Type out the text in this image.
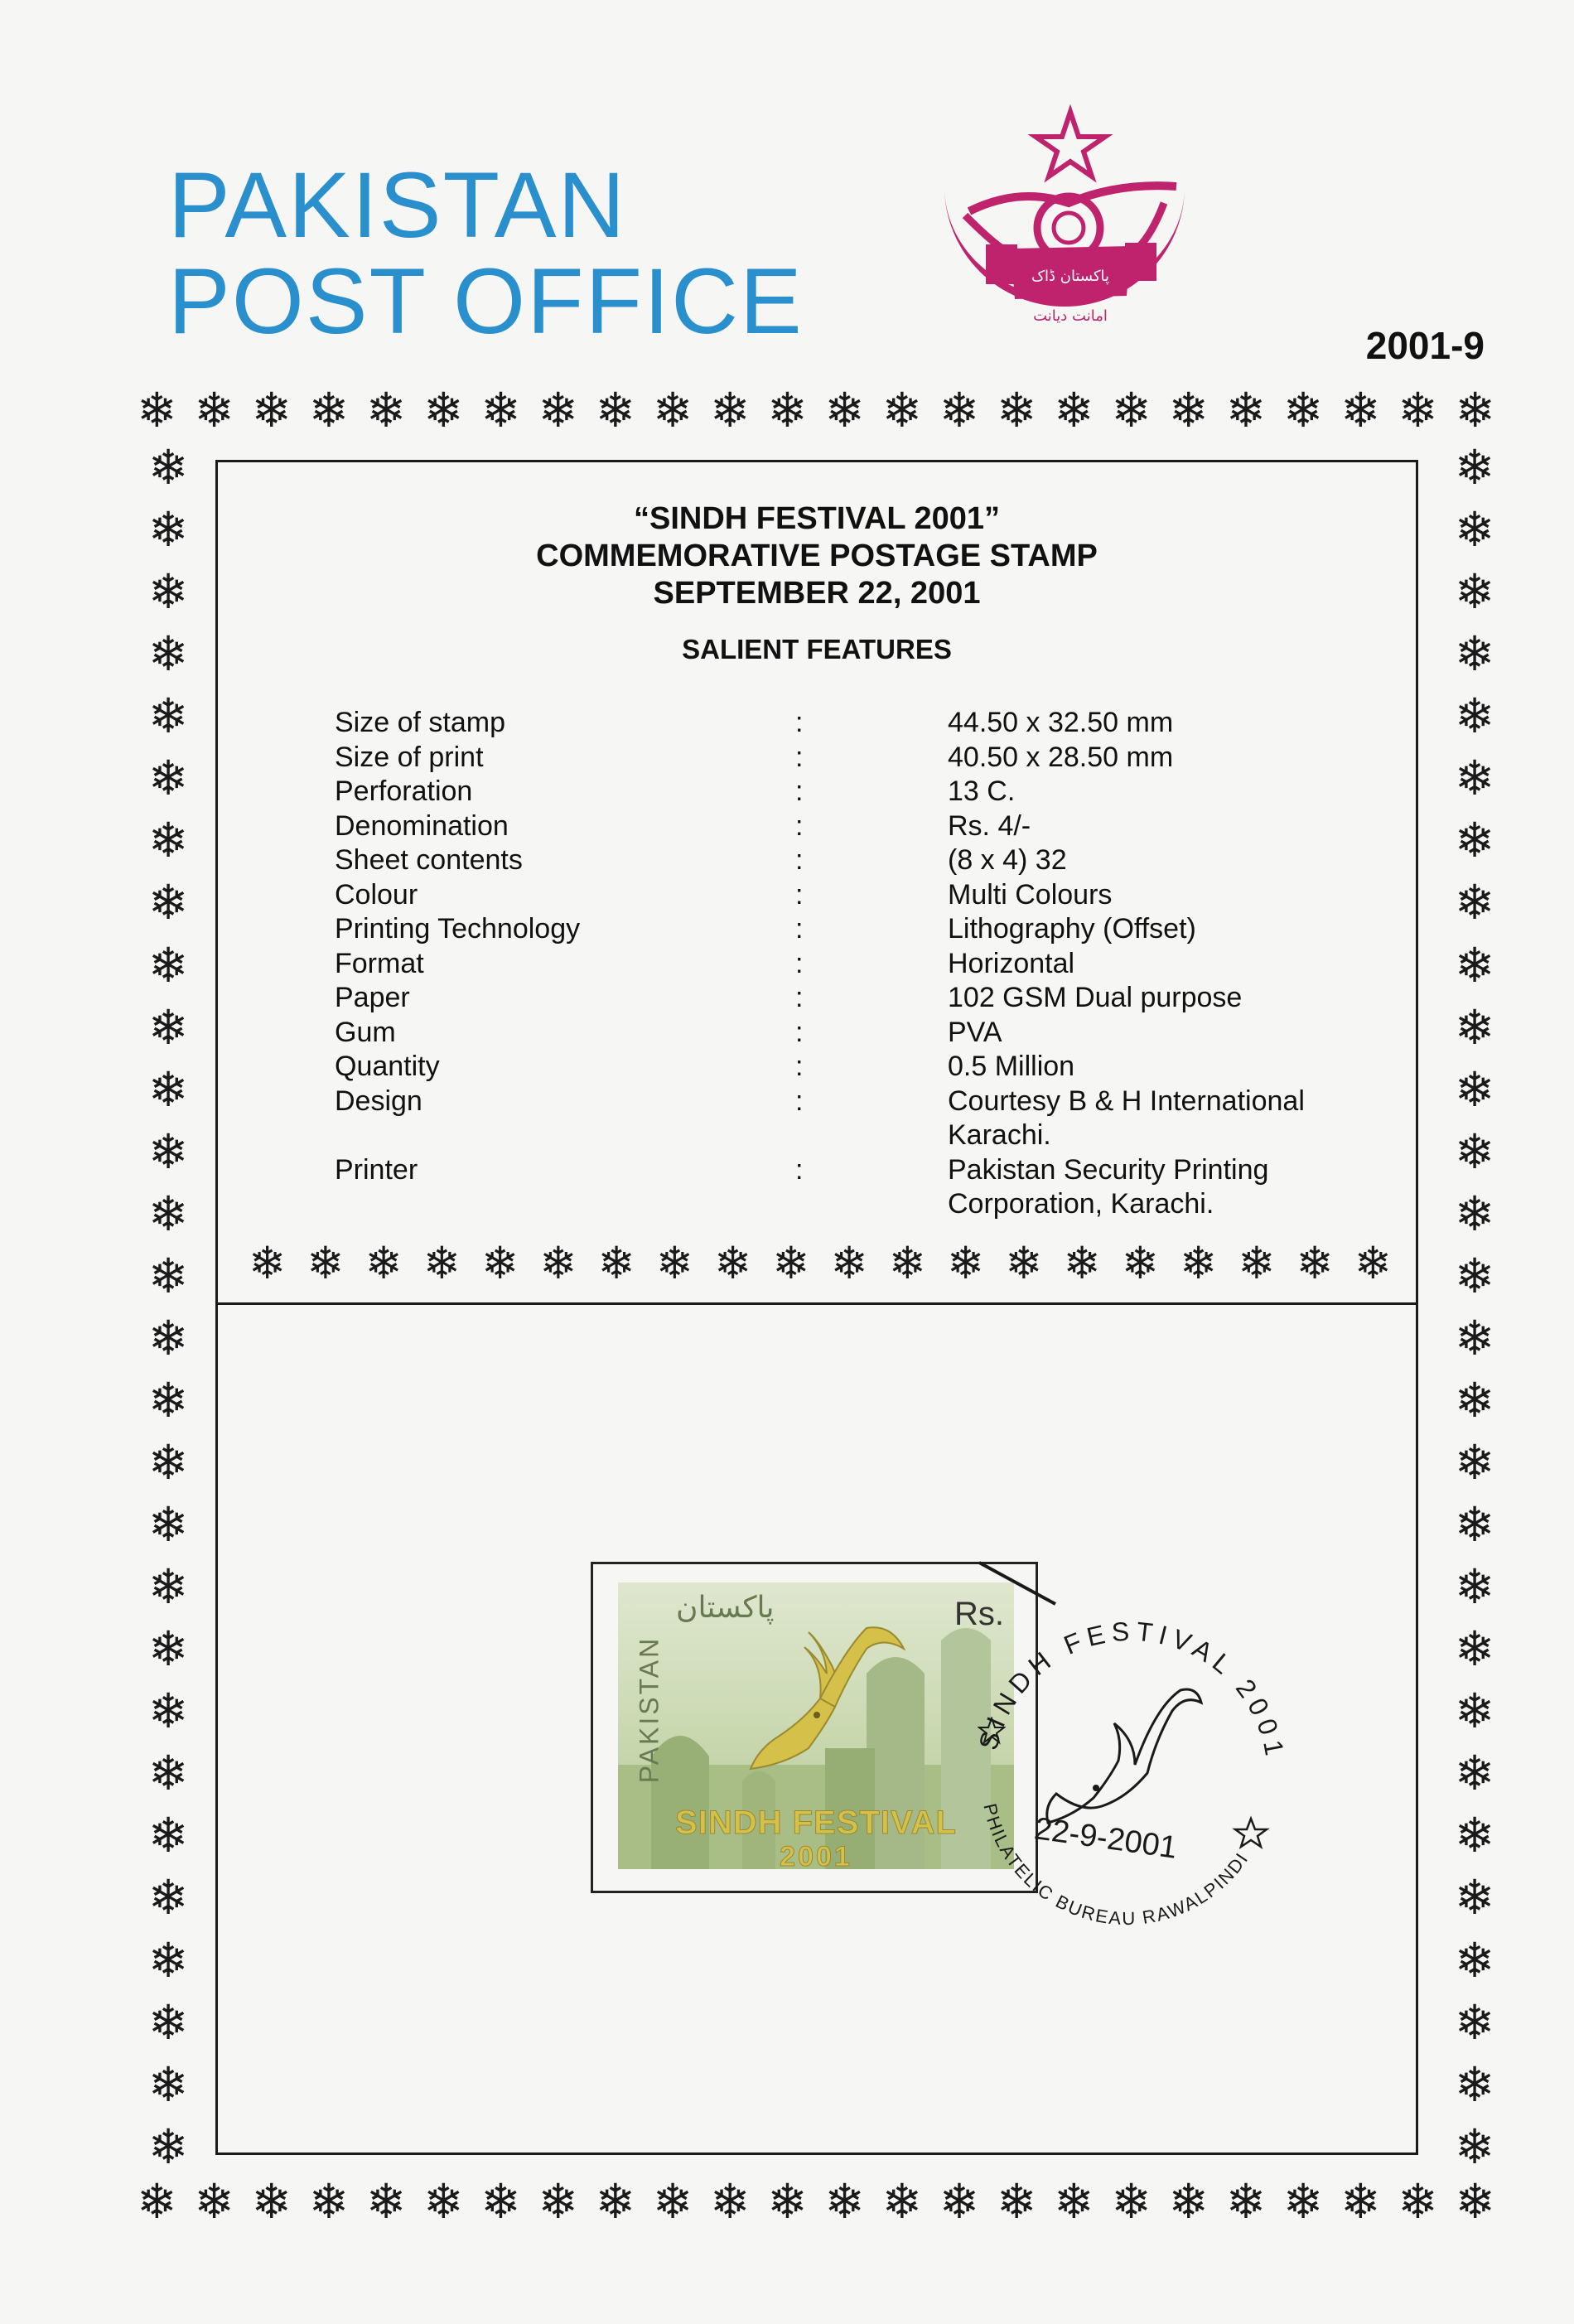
PAKISTAN
POST OFFICE	پاکستان ڈاک
امانت دیانت
2001-9
❄ ❄ ❄ ❄ ❄ ❄ ❄ ❄ ❄ ❄ ❄ ❄ ❄ ❄ ❄ ❄ ❄ ❄ ❄ ❄ ❄ ❄ ❄ ❄
❄ ❄ ❄ ❄ ❄ ❄ ❄ ❄ ❄ ❄ ❄ ❄ ❄ ❄ ❄ ❄ ❄ ❄ ❄ ❄ ❄ ❄ ❄ ❄
❄
❄
❄
❄
❄
❄
❄
❄
❄
❄
❄
❄
❄
❄
❄
❄
❄
❄
❄
❄
❄
❄
❄
❄
❄
❄
❄
❄
❄
❄
❄
❄
❄
❄
❄
❄
❄
❄
❄
❄
❄
❄
❄
❄
❄
❄
❄
❄
❄
❄
❄
❄
❄
❄
❄
❄
❄ ❄ ❄ ❄ ❄ ❄ ❄ ❄ ❄ ❄ ❄ ❄ ❄ ❄ ❄ ❄ ❄ ❄ ❄ ❄
“SINDH FESTIVAL 2001”
COMMEMORATIVE POSTAGE STAMP
SEPTEMBER 22, 2001
SALIENT FEATURES
Size of stamp	:	44.50 x 32.50 mm
Size of print	:	40.50 x 28.50 mm
Perforation	:	13 C.
Denomination	:	Rs. 4/-
Sheet contents	:	(8 x 4) 32
Colour	:	Multi Colours
Printing Technology	:	Lithography (Offset)
Format	:	Horizontal
Paper	:	102 GSM Dual purpose
Gum	:	PVA
Quantity	:	0.5 Million
Design	:	Courtesy B & H International
Karachi.
Printer	:	Pakistan Security Printing
Corporation, Karachi.
پاکستان
PAKISTAN
Rs.
SINDH FESTIVAL
2001
SINDH FESTIVAL 2001
PHILATELIC BUREAU RAWALPINDI
22-9-2001
